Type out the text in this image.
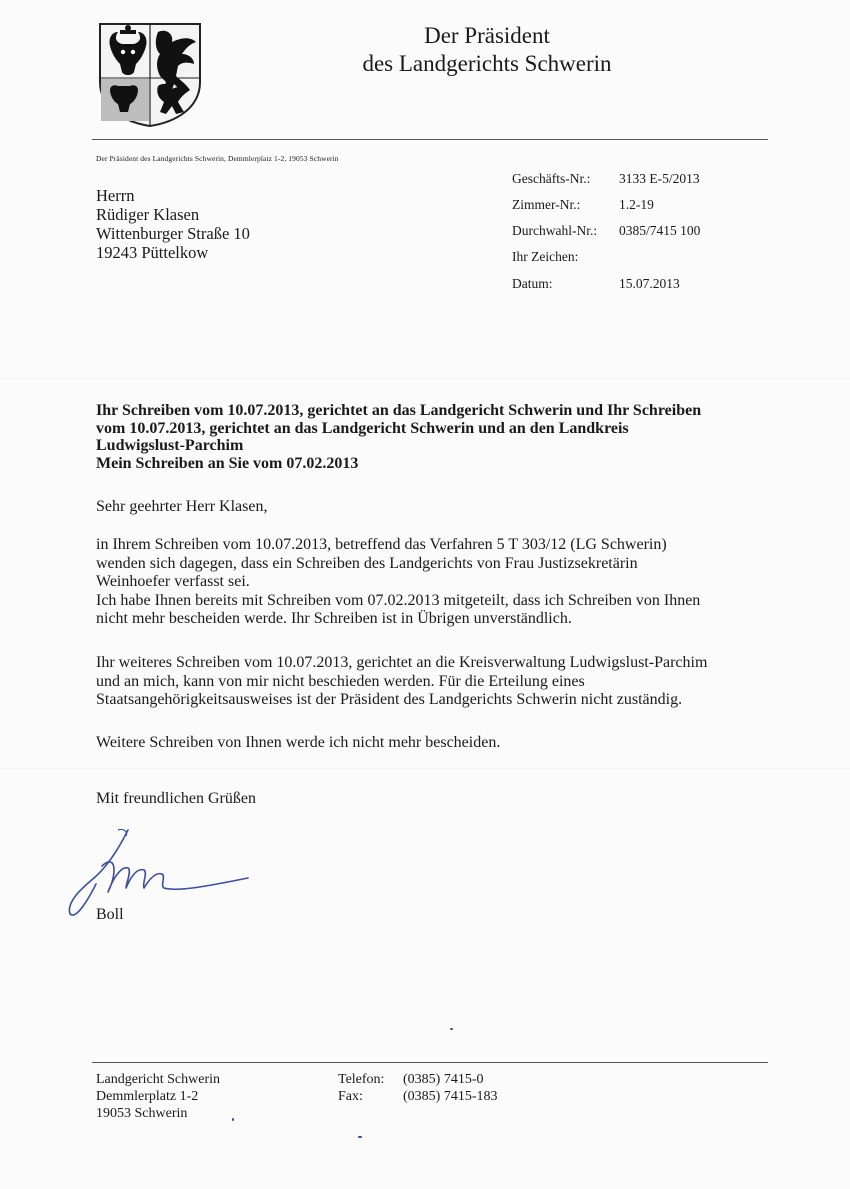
Der Präsident
des Landgerichts Schwerin
Der Präsident des Landgerichts Schwerin, Demmlerplatz 1-2, 19053 Schwerin
Herrn
Rüdiger Klasen
Wittenburger Straße 10
19243 Püttelkow
Geschäfts-Nr.:	3133 E-5/2013
Zimmer-Nr.:	1.2-19
Durchwahl-Nr.:	0385/7415 100
Ihr Zeichen:
Datum:	15.07.2013
Ihr Schreiben vom 10.07.2013, gerichtet an das Landgericht Schwerin und Ihr Schreiben
vom 10.07.2013, gerichtet an das Landgericht Schwerin und an den Landkreis
Ludwigslust-Parchim
Mein Schreiben an Sie vom 07.02.2013
Sehr geehrter Herr Klasen,
in Ihrem Schreiben vom 10.07.2013, betreffend das Verfahren 5 T 303/12 (LG Schwerin)
wenden sich dagegen, dass ein Schreiben des Landgerichts von Frau Justizsekretärin
Weinhoefer verfasst sei.
Ich habe Ihnen bereits mit Schreiben vom 07.02.2013 mitgeteilt, dass ich Schreiben von Ihnen
nicht mehr bescheiden werde. Ihr Schreiben ist in Übrigen unverständlich.
Ihr weiteres Schreiben vom 10.07.2013, gerichtet an die Kreisverwaltung Ludwigslust-Parchim
und an mich, kann von mir nicht beschieden werden. Für die Erteilung eines
Staatsangehörigkeitsausweises ist der Präsident des Landgerichts Schwerin nicht zuständig.
Weitere Schreiben von Ihnen werde ich nicht mehr bescheiden.
Mit freundlichen Grüßen
Boll
Landgericht Schwerin
Demmlerplatz 1-2
19053 Schwerin
Telefon: (0385) 7415-0
Fax:	(0385) 7415-183
